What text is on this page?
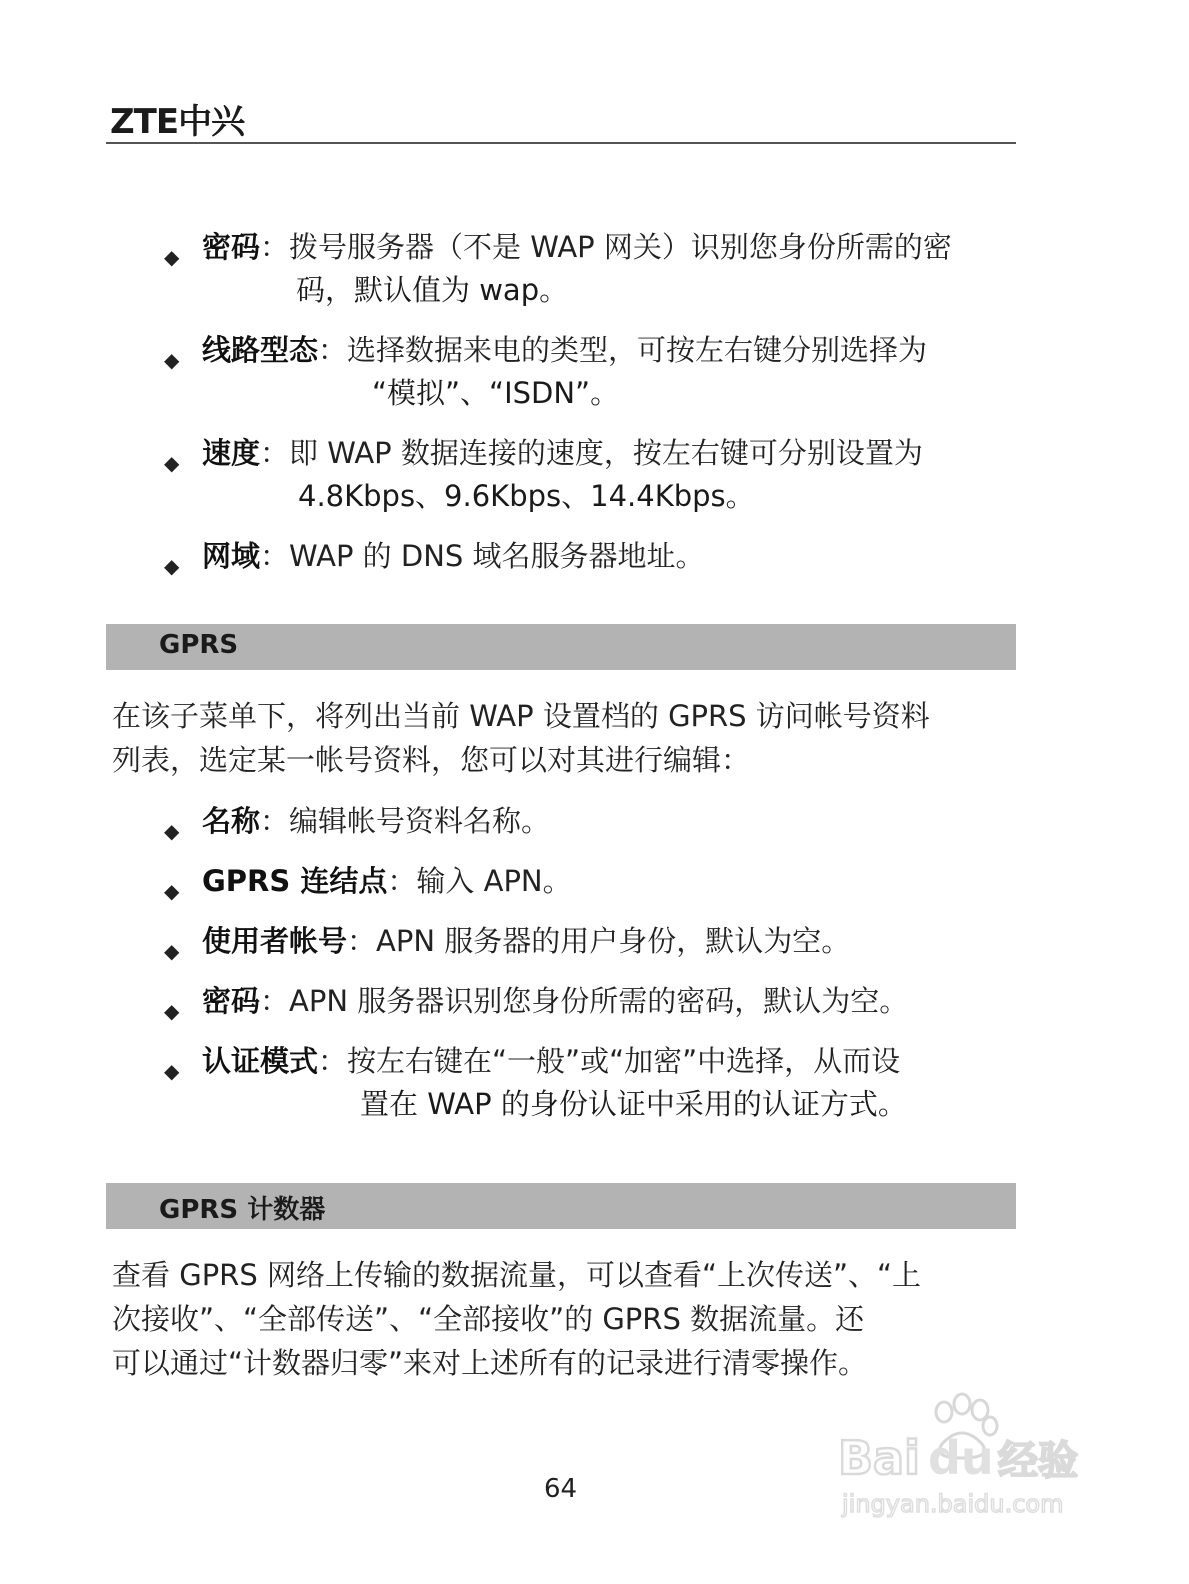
ZTE中兴
◆ 密码：拨号服务器（不是 WAP 网关）识别您身份所需的密
码，默认值为 wap。
◆ 线路型态：选择数据来电的类型，可按左右键分别选择为
“模拟”、“ISDN”。
◆ 速度：即 WAP 数据连接的速度，按左右键可分别设置为
4.8Kbps、9.6Kbps、14.4Kbps。
◆ 网域：WAP 的 DNS 域名服务器地址。
GPRS
在该子菜单下，将列出当前 WAP 设置档的 GPRS 访问帐号资料
列表，选定某一帐号资料，您可以对其进行编辑：
◆ 名称：编辑帐号资料名称。
◆ GPRS 连结点：输入 APN。
◆ 使用者帐号：APN 服务器的用户身份，默认为空。
◆ 密码：APN 服务器识别您身份所需的密码，默认为空。
◆ 认证模式：按左右键在“一般”或“加密”中选择，从而设
置在 WAP 的身份认证中采用的认证方式。
GPRS 计数器
查看 GPRS 网络上传输的数据流量，可以查看“上次传送”、“上
次接收”、“全部传送”、“全部接收”的 GPRS 数据流量。还
可以通过“计数器归零”来对上述所有的记录进行清零操作。
64
Bai du 经验
jingyan.baidu.com
